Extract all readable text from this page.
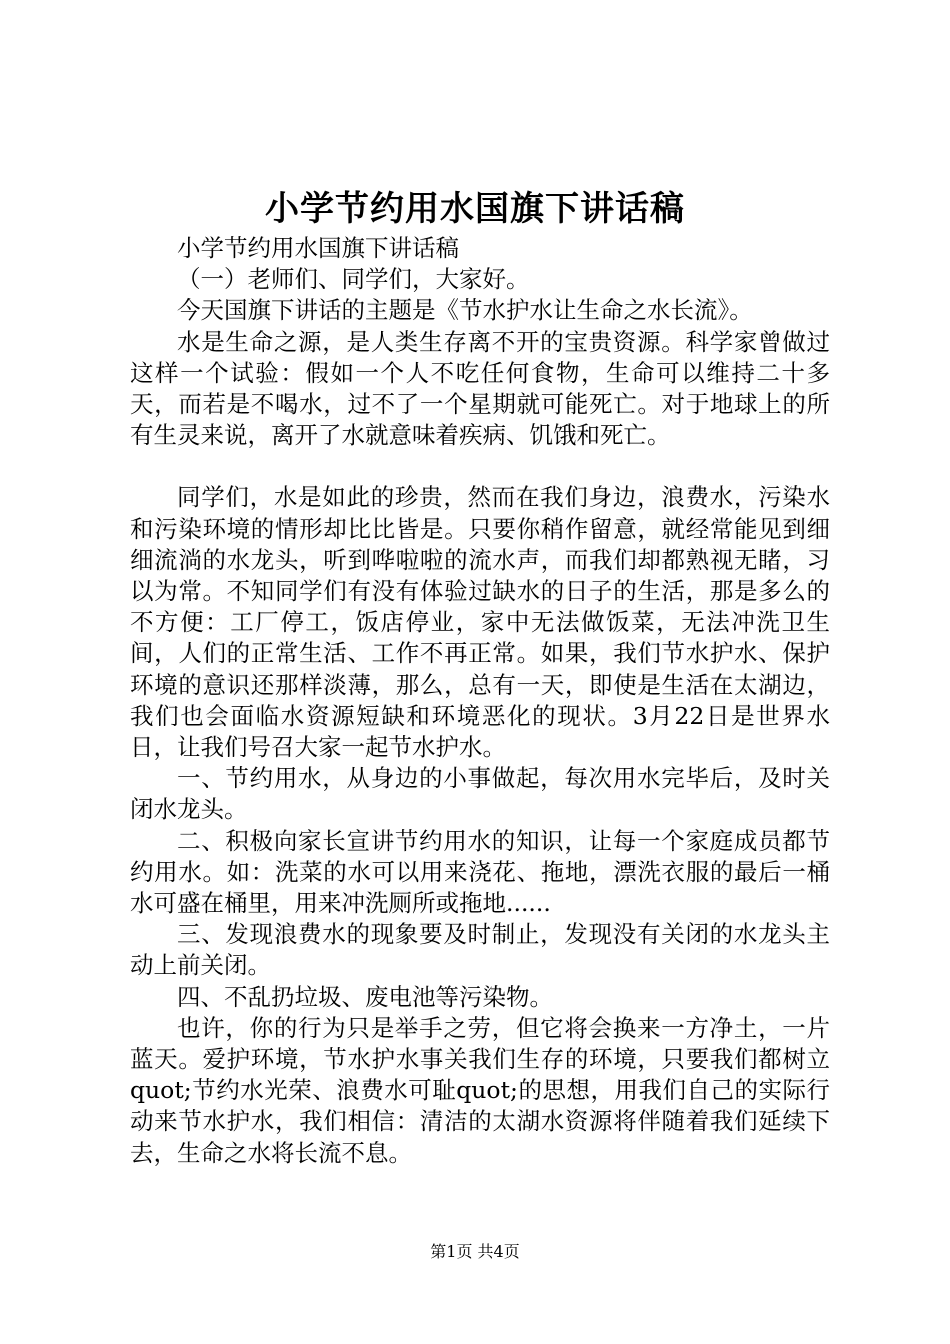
小学节约用水国旗下讲话稿

小学节约用水国旗下讲话稿

（一）老师们、同学们，大家好。

今天国旗下讲话的主题是《节水护水让生命之水长流》。

水是生命之源，是人类生存离不开的宝贵资源。科学家曾做过这样一个试验：假如一个人不吃任何食物，生命可以维持二十多天，而若是不喝水，过不了一个星期就可能死亡。对于地球上的所有生灵来说，离开了水就意味着疾病、饥饿和死亡。

同学们，水是如此的珍贵，然而在我们身边，浪费水，污染水和污染环境的情形却比比皆是。只要你稍作留意，就经常能见到细细流淌的水龙头，听到哗啦啦的流水声，而我们却都熟视无睹，习以为常。不知同学们有没有体验过缺水的日子的生活，那是多么的不方便：工厂停工，饭店停业，家中无法做饭菜，无法冲洗卫生间，人们的正常生活、工作不再正常。如果，我们节水护水、保护环境的意识还那样淡薄，那么，总有一天，即使是生活在太湖边，我们也会面临水资源短缺和环境恶化的现状。3月22日是世界水日，让我们号召大家一起节水护水。

一、节约用水，从身边的小事做起，每次用水完毕后，及时关闭水龙头。

二、积极向家长宣讲节约用水的知识，让每一个家庭成员都节约用水。如：洗菜的水可以用来浇花、拖地，漂洗衣服的最后一桶水可盛在桶里，用来冲洗厕所或拖地......

三、发现浪费水的现象要及时制止，发现没有关闭的水龙头主动上前关闭。

四、不乱扔垃圾、废电池等污染物。

也许，你的行为只是举手之劳，但它将会换来一方净土，一片蓝天。爱护环境，节水护水事关我们生存的环境，只要我们都树立quot;节约水光荣、浪费水可耻quot;的思想，用我们自己的实际行动来节水护水，我们相信：清洁的太湖水资源将伴随着我们延续下去，生命之水将长流不息。

第1页 共4页
